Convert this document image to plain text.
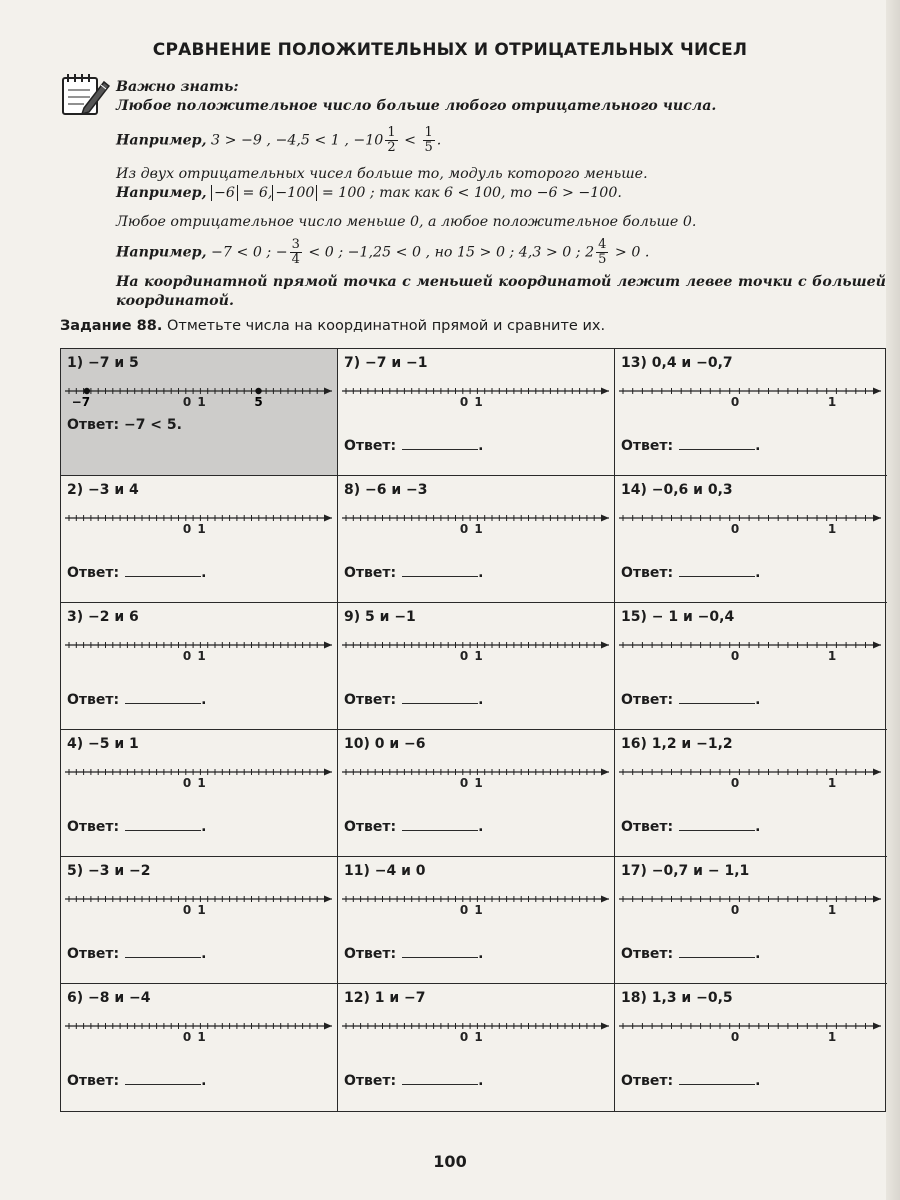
СРАВНЕНИЕ ПОЛОЖИТЕЛЬНЫХ И ОТРИЦАТЕЛЬНЫХ ЧИСЕЛ

Важно знать:

Любое положительное число больше любого отрицательного числа.

Например, 3 > −9 , −4,5 < 1 , $-10 \frac{1}{2} < \frac{1}{5}$ .

Из двух отрицательных чисел больше то, модуль которого меньше.

Например, −6 = 6, −100 = 100 ; так как 6 < 100, то −6 > −100.

Любое отрицательное число меньше 0, а любое положительное больше 0.

Например, −7 < 0 ; − $\frac{3}{4} < 0$ ; −1,25 < 0 , но 15 > 0 ; 4,3 > 0 ; $2 \frac{4}{5} > 0$ .

На координатной прямой точка с меньшей координатой лежит левее точки с большей координатой.

Задание 88. Отметьте числа на координатной прямой и сравните их.
1) −7 и 5
0 1
−7	5
Ответ: −7 < 5.
7) −7 и −1
0 1
Ответ:	.
13) 0,4 и −0,7
0	1
Ответ:	.
2) −3 и 4
0 1
Ответ:	.
8) −6 и −3
0 1
Ответ:	.
14) −0,6 и 0,3
0	1
Ответ:	.
3) −2 и 6
0 1
Ответ:	.
9) 5 и −1
0 1
Ответ:	.
15) − 1 и −0,4
0	1
Ответ:	.
4) −5 и 1
0 1
Ответ:	.
10) 0 и −6
0 1
Ответ:	.
16) 1,2 и −1,2
0	1
Ответ:	.
5) −3 и −2
0 1
Ответ:	.
11) −4 и 0
0 1
Ответ:	.
17) −0,7 и − 1,1
0	1
Ответ:	.
6) −8 и −4
0 1
Ответ:	.
12) 1 и −7
0 1
Ответ:	.
18) 1,3 и −0,5
0	1
Ответ:	.
100
